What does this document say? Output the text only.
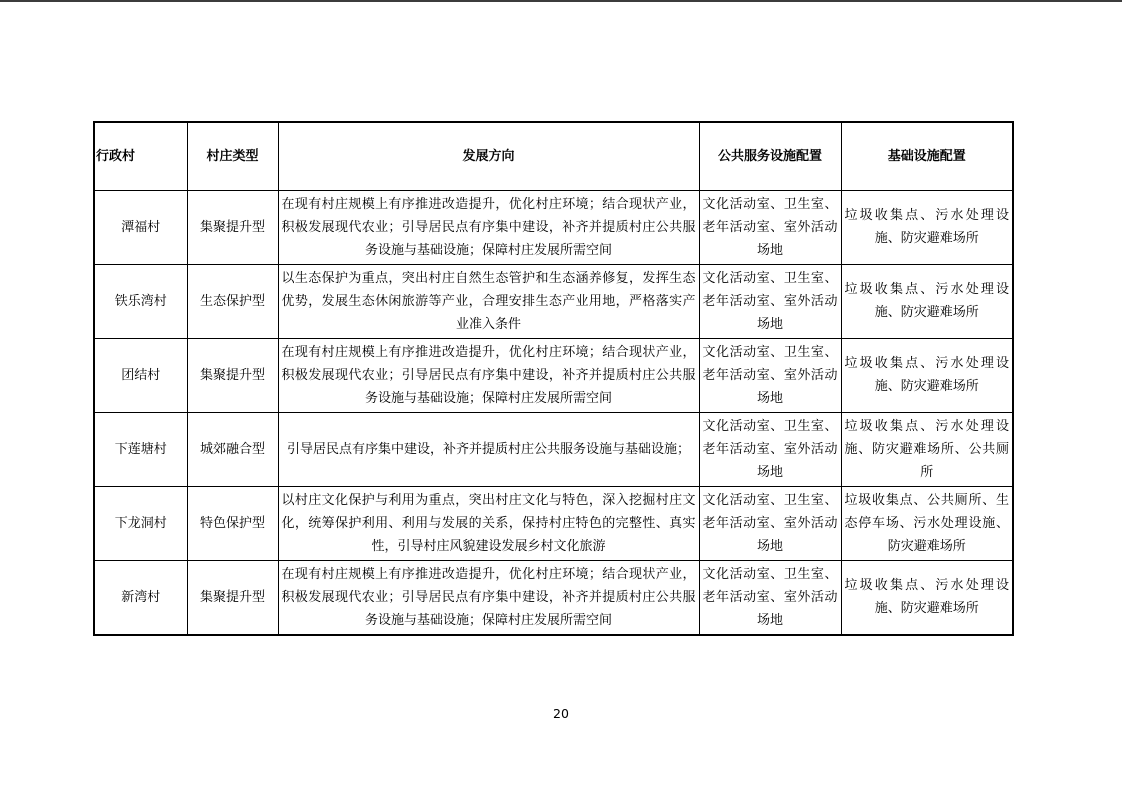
行政村	村庄类型	发展方向	公共服务设施配置	基础设施配置
潭福村	集聚提升型	在现有村庄规模上有序推进改造提升，优化村庄环境；结合现状产业，积极发展现代农业；引导居民点有序集中建设，补齐并提质村庄公共服务设施与基础设施；保障村庄发展所需空间	文化活动室、卫生室、老年活动室、室外活动场地	垃圾收集点、污水处理设施、防灾避难场所
铁乐湾村	生态保护型	以生态保护为重点，突出村庄自然生态管护和生态涵养修复，发挥生态优势，发展生态休闲旅游等产业，合理安排生态产业用地，严格落实产业准入条件	文化活动室、卫生室、老年活动室、室外活动场地	垃圾收集点、污水处理设施、防灾避难场所
团结村	集聚提升型	在现有村庄规模上有序推进改造提升，优化村庄环境；结合现状产业，积极发展现代农业；引导居民点有序集中建设，补齐并提质村庄公共服务设施与基础设施；保障村庄发展所需空间	文化活动室、卫生室、老年活动室、室外活动场地	垃圾收集点、污水处理设施、防灾避难场所
下莲塘村	城郊融合型	引导居民点有序集中建设，补齐并提质村庄公共服务设施与基础设施；	文化活动室、卫生室、老年活动室、室外活动场地	垃圾收集点、污水处理设施、防灾避难场所、公共厕所
下龙洞村	特色保护型	以村庄文化保护与利用为重点，突出村庄文化与特色，深入挖掘村庄文化，统筹保护利用、利用与发展的关系，保持村庄特色的完整性、真实性，引导村庄风貌建设发展乡村文化旅游	文化活动室、卫生室、老年活动室、室外活动场地	垃圾收集点、公共厕所、生态停车场、污水处理设施、防灾避难场所
新湾村	集聚提升型	在现有村庄规模上有序推进改造提升，优化村庄环境；结合现状产业，积极发展现代农业；引导居民点有序集中建设，补齐并提质村庄公共服务设施与基础设施；保障村庄发展所需空间	文化活动室、卫生室、老年活动室、室外活动场地	垃圾收集点、污水处理设施、防灾避难场所
20
